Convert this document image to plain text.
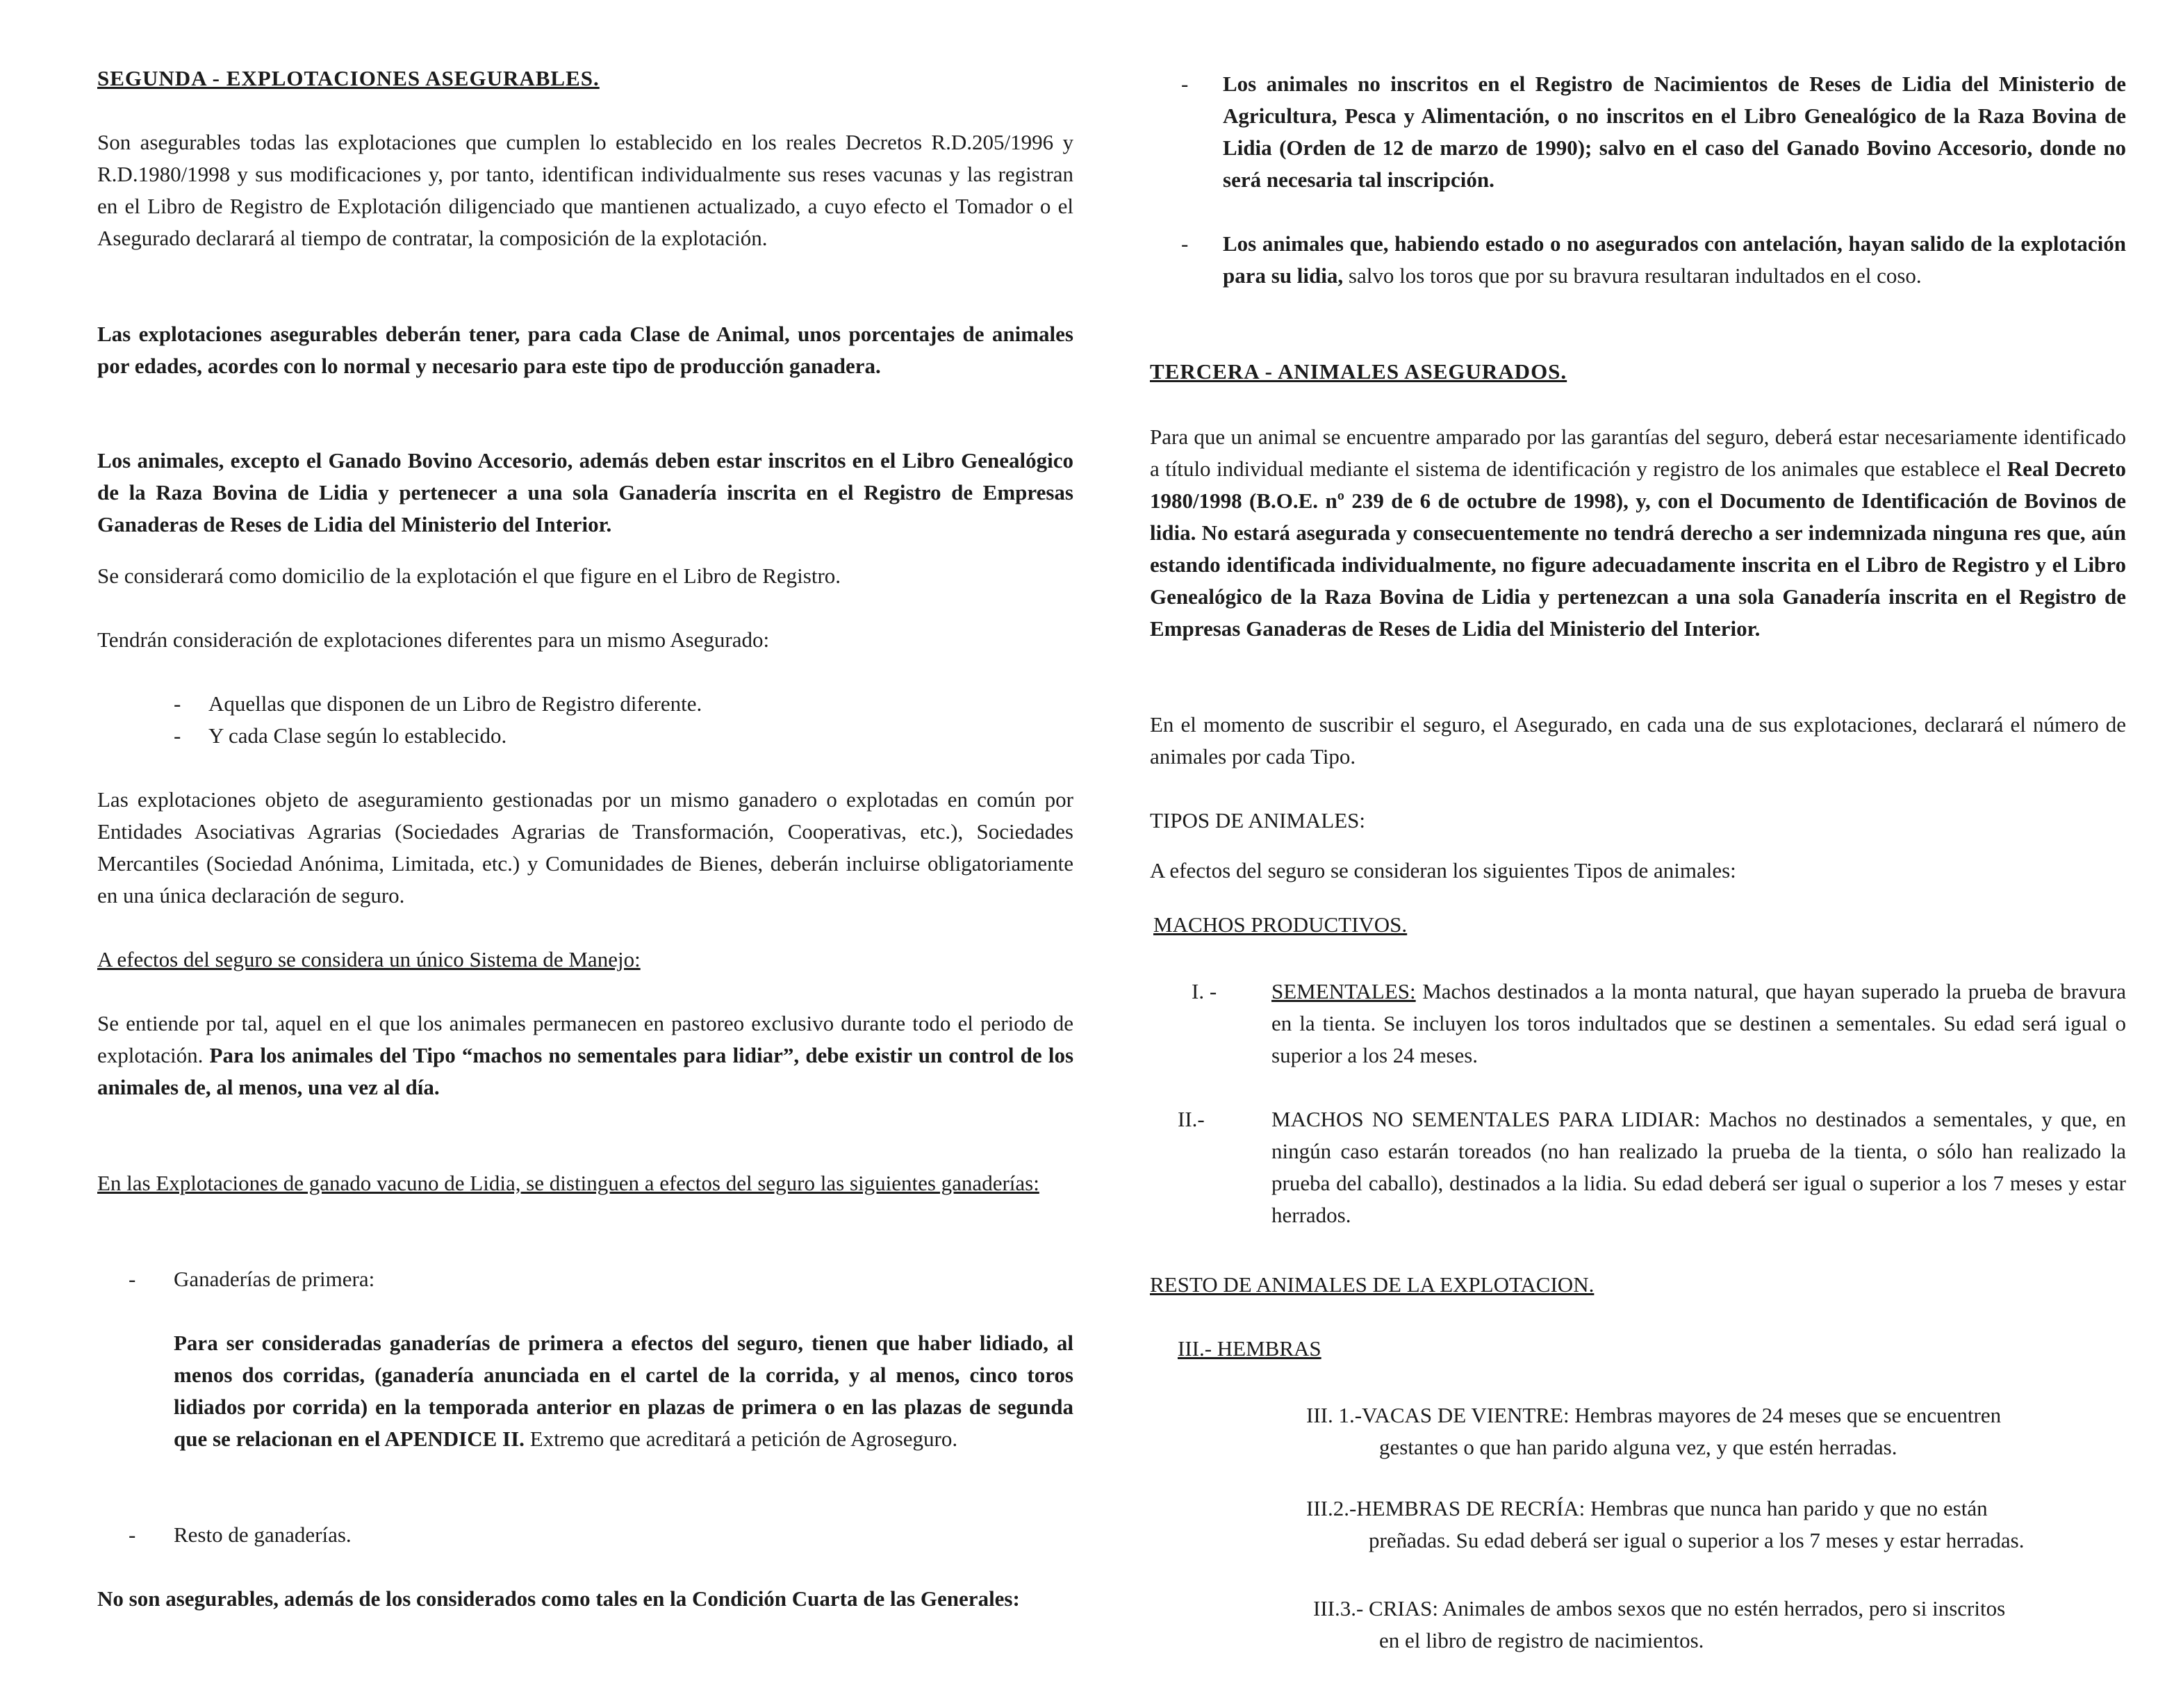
SEGUNDA - EXPLOTACIONES ASEGURABLES.

Son asegurables todas las explotaciones que cumplen lo establecido en los reales Decretos R.D.205/1996 y R.D.1980/1998 y sus modificaciones y, por tanto, identifican individualmente sus reses vacunas y las registran en el Libro de Registro de Explotación diligenciado que mantienen actualizado, a cuyo efecto el Tomador o el Asegurado declarará al tiempo de contratar, la composición de la explotación.

Las explotaciones asegurables deberán tener, para cada Clase de Animal, unos porcentajes de animales por edades, acordes con lo normal y necesario para este tipo de producción ganadera.

Los animales, excepto el Ganado Bovino Accesorio, además deben estar inscritos en el Libro Genealógico de la Raza Bovina de Lidia y pertenecer a una sola Ganadería inscrita en el Registro de Empresas Ganaderas de Reses de Lidia del Ministerio del Interior.

Se considerará como domicilio de la explotación el que figure en el Libro de Registro.

Tendrán consideración de explotaciones diferentes para un mismo Asegurado:

- Aquellas que disponen de un Libro de Registro diferente.
- Y cada Clase según lo establecido.

Las explotaciones objeto de aseguramiento gestionadas por un mismo ganadero o explotadas en común por Entidades Asociativas Agrarias (Sociedades Agrarias de Transformación, Cooperativas, etc.), Sociedades Mercantiles (Sociedad Anónima, Limitada, etc.) y Comunidades de Bienes, deberán incluirse obligatoriamente en una única declaración de seguro.

A efectos del seguro se considera un único Sistema de Manejo:

Se entiende por tal, aquel en el que los animales permanecen en pastoreo exclusivo durante todo el periodo de explotación. Para los animales del Tipo “machos no sementales para lidiar”, debe existir un control de los animales de, al menos, una vez al día.

En las Explotaciones de ganado vacuno de Lidia, se distinguen a efectos del seguro las siguientes ganaderías:

- Ganaderías de primera:

Para ser consideradas ganaderías de primera a efectos del seguro, tienen que haber lidiado, al menos dos corridas, (ganadería anunciada en el cartel de la corrida, y al menos, cinco toros lidiados por corrida) en la temporada anterior en plazas de primera o en las plazas de segunda que se relacionan en el APENDICE II. Extremo que acreditará a petición de Agroseguro.

- Resto de ganaderías.

No son asegurables, además de los considerados como tales en la Condición Cuarta de las Generales:

- Los animales no inscritos en el Registro de Nacimientos de Reses de Lidia del Ministerio de Agricultura, Pesca y Alimentación, o no inscritos en el Libro Genealógico de la Raza Bovina de Lidia (Orden de 12 de marzo de 1990); salvo en el caso del Ganado Bovino Accesorio, donde no será necesaria tal inscripción.

- Los animales que, habiendo estado o no asegurados con antelación, hayan salido de la explotación para su lidia, salvo los toros que por su bravura resultaran indultados en el coso.

TERCERA - ANIMALES ASEGURADOS.

Para que un animal se encuentre amparado por las garantías del seguro, deberá estar necesariamente identificado a título individual mediante el sistema de identificación y registro de los animales que establece el Real Decreto 1980/1998 (B.O.E. nº 239 de 6 de octubre de 1998), y, con el Documento de Identificación de Bovinos de lidia. No estará asegurada y consecuentemente no tendrá derecho a ser indemnizada ninguna res que, aún estando identificada individualmente, no figure adecuadamente inscrita en el Libro de Registro y el Libro Genealógico de la Raza Bovina de Lidia y pertenezcan a una sola Ganadería inscrita en el Registro de Empresas Ganaderas de Reses de Lidia del Ministerio del Interior.

En el momento de suscribir el seguro, el Asegurado, en cada una de sus explotaciones, declarará el número de animales por cada Tipo.

TIPOS DE ANIMALES:

A efectos del seguro se consideran los siguientes Tipos de animales:

MACHOS PRODUCTIVOS.
I. -	SEMENTALES: Machos destinados a la monta natural, que hayan superado la prueba de bravura en la tienta. Se incluyen los toros indultados que se destinen a sementales. Su edad será igual o superior a los 24 meses.

II.-	MACHOS NO SEMENTALES PARA LIDIAR: Machos no destinados a sementales, y que, en ningún caso estarán toreados (no han realizado la prueba de la tienta, o sólo han realizado la prueba del caballo), destinados a la lidia. Su edad deberá ser igual o superior a los 7 meses y estar herrados.

RESTO DE ANIMALES DE LA EXPLOTACION.
III.- HEMBRAS
III. 1.-VACAS DE VIENTRE: Hembras mayores de 24 meses que se encuentren
gestantes o que han parido alguna vez, y que estén herradas.
III.2.-HEMBRAS DE RECRÍA: Hembras que nunca han parido y que no están
preñadas. Su edad deberá ser igual o superior a los 7 meses y estar herradas.
III.3.- CRIAS: Animales de ambos sexos que no estén herrados, pero si inscritos
en el libro de registro de nacimientos.
